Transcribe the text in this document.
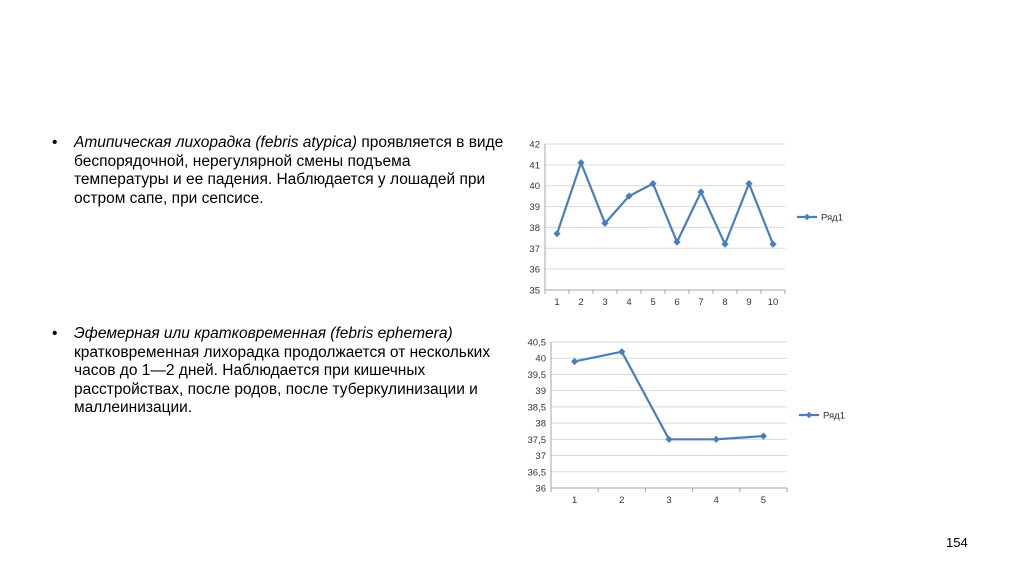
• Атипическая лихорадка (febris atypica) проявляется в виде беспорядочной, нерегулярной смены подъема температуры и ее падения. Наблюдается у лошадей при остром сапе, при сепсисе.
• Эфемерная или кратковременная (febris ephemera) кратковременная лихорадка продолжается от нескольких часов до 1—2 дней. Наблюдается при кишечных расстройствах, после родов, после туберкулинизации и маллеинизации.
35
36
37
38
39
40
41
42
1 2 3 4 5 6 7 8 9 10
Ряд1
36
36,5
37
37,5
38
38,5
39
39,5
40
40,5
1	2	3	4	5
Ряд1
154
